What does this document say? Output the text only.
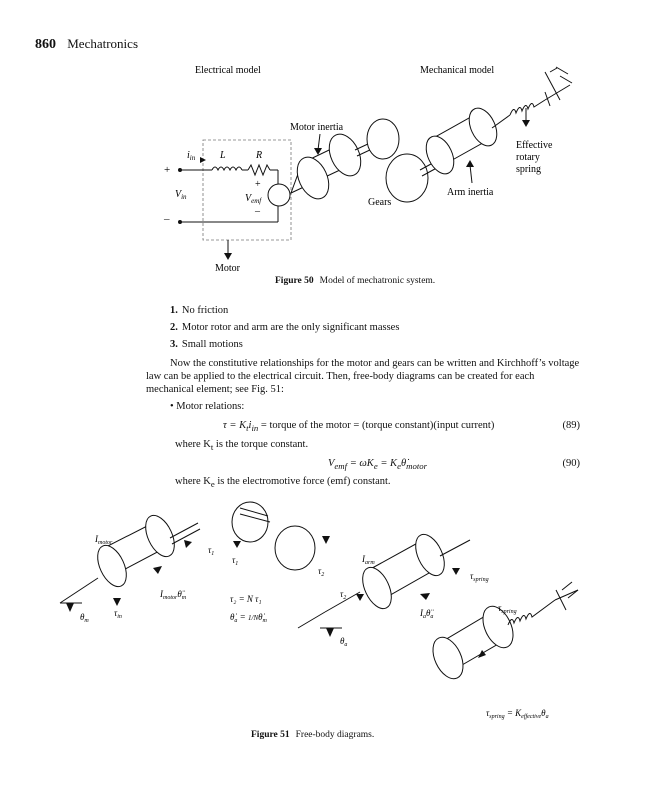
860 Mechatronics
Electrical model	Mechanical model
$i_{in}$ L	R
+
–
$V_{in}$	$V_{emf}$
+
–
Motor
Motor inertia
Gears
Arm inertia
Effective
rotary
spring
Figure 50 Model of mechatronic system.
1. No friction
2. Motor rotor and arm are the only significant masses
3. Small motions
Now the constitutive relationships for the motor and gears can be written and Kirchhoff’s voltage law can be applied to the electrical circuit. Then, free-body diagrams can be created for each mechanical element; see Fig. 51:
• Motor relations:
$\tau = K_ti_{in}$ = torque of the motor = (torque constant)(input current)	(89)
where $K_t$ is the torque constant.
$V_{emf} = \omega K_e$ = $K_e\thetȧ_{motor}$	(90)
where $K_e$ is the electromotive force (emf) constant.
$I_{motor}$
$\tau_1$
$I_{motor}\thetä_m$
$\tau_{in}$
$\theta_m$
$\tau_1$
$\tau_2$
τ₂ = N τ₁
$\thetȧ_a$ = $1/N\thetȧ_m$
$I_{arm}$
$\tau_{spring}$
$\tau_2$
$I_a\thetä_a$
$\theta_a$
$\tau_{spring}$
$\tau_{spring} = K_{effective}\theta_a$
Figure 51 Free-body diagrams.
